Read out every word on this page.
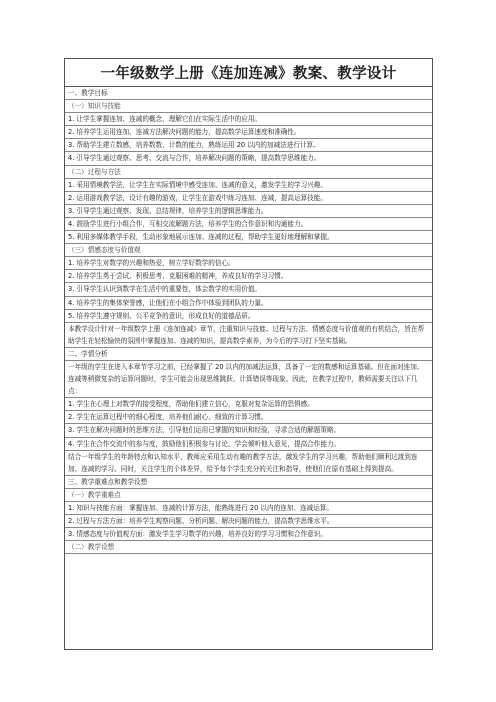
一年级数学上册《连加连减》教案、教学设计
一、教学目标
（一）知识与技能
1. 让学生掌握连加、连减的概念，理解它们在实际生活中的应用。
2. 培养学生运用连加、连减方法解决问题的能力，提高数学运算速度和准确性。
3. 帮助学生建立数感，培养数数、计数的能力，熟练运用 20 以内的加减法进行计算。
4. 引导学生通过观察、思考、交流与合作，培养解决问题的策略，提高数学思维能力。
（二）过程与方法
1. 采用情境教学法，让学生在实际情境中感受连加、连减的意义，激发学生的学习兴趣。
2. 运用游戏教学法，设计有趣的游戏，让学生在游戏中练习连加、连减，提高运算技能。
3. 引导学生通过观察、发现、总结规律，培养学生的逻辑思维能力。
4. 鼓励学生进行小组合作，互相交流解题方法，培养学生的合作意识和沟通能力。
5. 利用多媒体教学手段，生动形象地展示连加、连减的过程，帮助学生更好地理解和掌握。
（三）情感态度与价值观
1. 培养学生对数学的兴趣和热爱，树立学好数学的信心。
2. 培养学生勇于尝试、积极思考、克服困难的精神，养成良好的学习习惯。
3. 引导学生认识到数学在生活中的重要性，体会数学的实用价值。
4. 培养学生的集体荣誉感，让他们在小组合作中体验到团队的力量。
5. 培养学生遵守规则、公平竞争的意识，形成良好的道德品质。
本教学设计针对一年级数学上册《连加连减》章节，注重知识与技能、过程与方法、情感态度与价值观的有机结合，旨在帮助学生在轻松愉快的氛围中掌握连加、连减的知识，提高数学素养，为今后的学习打下坚实基础。
二、学情分析
一年级的学生在进入本章节学习之前，已经掌握了 20 以内的加减法运算，具备了一定的数感和运算基础。但在面对连加、连减等稍微复杂的运算问题时，学生可能会出现思维跳跃、计算错误等现象。因此，在教学过程中，教师需要关注以下几点：
1. 学生在心理上对数学的接受程度，帮助他们建立信心，克服对复杂运算的恐惧感。
2. 学生在运算过程中的细心程度，培养他们耐心、细致的计算习惯。
3. 学生在解决问题时的思维方法，引导他们运用已掌握的知识和经验，寻求合适的解题策略。
4. 学生在合作交流中的参与度，鼓励他们积极参与讨论，学会倾听他人意见，提高合作能力。
结合一年级学生的年龄特点和认知水平，教师应采用生动有趣的教学方法，激发学生的学习兴趣，帮助他们顺利过渡到连加、连减的学习。同时，关注学生的个体差异，给予每个学生充分的关注和指导，使他们在原有基础上得到提高。
三、教学重难点和教学设想
（一）教学重难点
1. 知识与技能方面：掌握连加、连减的计算方法，能熟练进行 20 以内的连加、连减运算。
2. 过程与方法方面：培养学生观察问题、分析问题、解决问题的能力，提高数学思维水平。
3. 情感态度与价值观方面：激发学生学习数学的兴趣，培养良好的学习习惯和合作意识。
（二）教学设想
